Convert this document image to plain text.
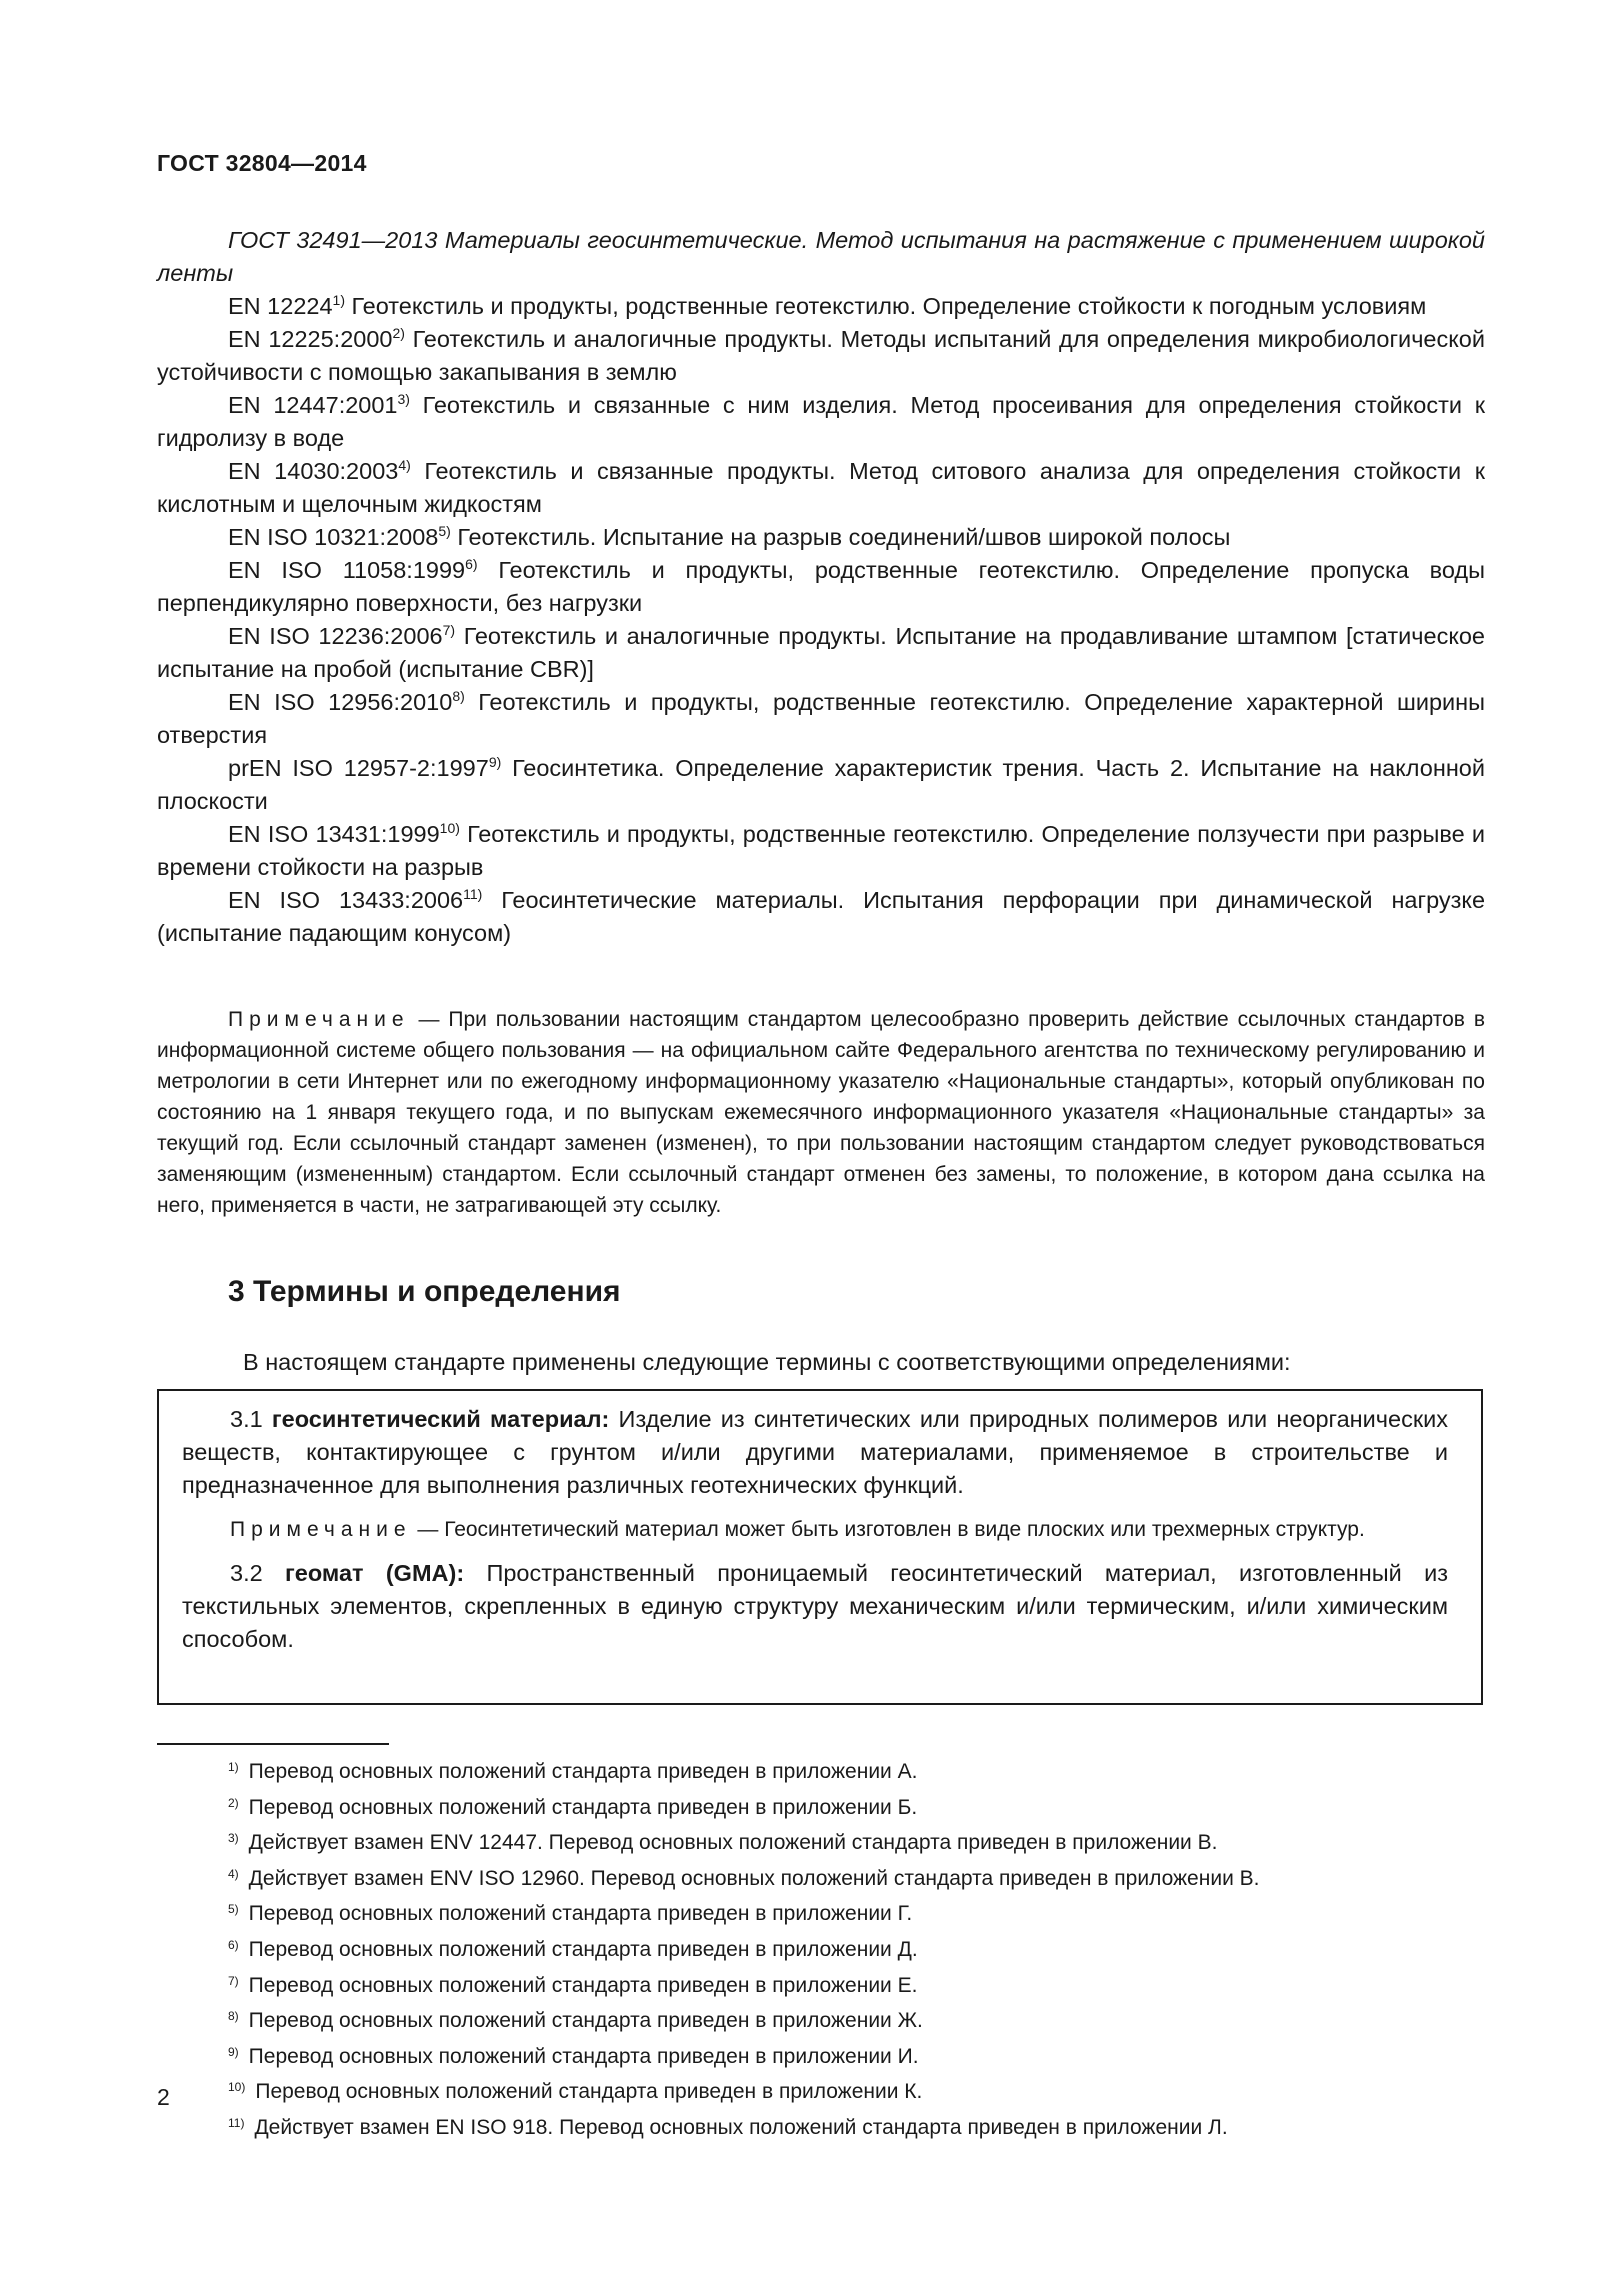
ГОСТ 32804—2014

ГОСТ 32491—2013 Материалы геосинтетические. Метод испытания на растяжение с применением широкой ленты

EN 12224$^{1)}$ Геотекстиль и продукты, родственные геотекстилю. Определение стойкости к погодным условиям

EN 12225:2000$^{2)}$ Геотекстиль и аналогичные продукты. Методы испытаний для определения микробиологической устойчивости с помощью закапывания в землю

EN 12447:2001$^{3)}$ Геотекстиль и связанные с ним изделия. Метод просеивания для определения стойкости к гидролизу в воде

EN 14030:2003$^{4)}$ Геотекстиль и связанные продукты. Метод ситового анализа для определения стойкости к кислотным и щелочным жидкостям

EN ISO 10321:2008$^{5)}$ Геотекстиль. Испытание на разрыв соединений/швов широкой полосы

EN ISO 11058:1999$^{6)}$ Геотекстиль и продукты, родственные геотекстилю. Определение пропуска воды перпендикулярно поверхности, без нагрузки

EN ISO 12236:2006$^{7)}$ Геотекстиль и аналогичные продукты. Испытание на продавливание штампом [статическое испытание на пробой (испытание CBR)]

EN ISO 12956:2010$^{8)}$ Геотекстиль и продукты, родственные геотекстилю. Определение характерной ширины отверстия

prEN ISO 12957-2:1997$^{9)}$ Геосинтетика. Определение характеристик трения. Часть 2. Испытание на наклонной плоскости

EN ISO 13431:1999$^{10)}$ Геотекстиль и продукты, родственные геотекстилю. Определение ползучести при разрыве и времени стойкости на разрыв

EN ISO 13433:2006$^{11)}$ Геосинтетические материалы. Испытания перфорации при динамической нагрузке (испытание падающим конусом)

Примечание — При пользовании настоящим стандартом целесообразно проверить действие ссылочных стандартов в информационной системе общего пользования — на официальном сайте Федерального агентства по техническому регулированию и метрологии в сети Интернет или по ежегодному информационному указателю «Национальные стандарты», который опубликован по состоянию на 1 января текущего года, и по выпускам ежемесячного информационного указателя «Национальные стандарты» за текущий год. Если ссылочный стандарт заменен (изменен), то при пользовании настоящим стандартом следует руководствоваться заменяющим (измененным) стандартом. Если ссылочный стандарт отменен без замены, то положение, в котором дана ссылка на него, применяется в части, не затрагивающей эту ссылку.

3 Термины и определения

В настоящем стандарте применены следующие термины с соответствующими определениями:

3.1 геосинтетический материал: Изделие из синтетических или природных полимеров или неорганических веществ, контактирующее с грунтом и/или другими материалами, применяемое в строительстве и предназначенное для выполнения различных геотехнических функций.

Примечание — Геосинтетический материал может быть изготовлен в виде плоских или трехмерных структур.

3.2 геомат (GMA): Пространственный проницаемый геосинтетический материал, изготовленный из текстильных элементов, скрепленных в единую структуру механическим и/или термическим, и/или химическим способом.

$^{1)}$ Перевод основных положений стандарта приведен в приложении А.

$^{2)}$ Перевод основных положений стандарта приведен в приложении Б.

$^{3)}$ Действует взамен ENV 12447. Перевод основных положений стандарта приведен в приложении В.

$^{4)}$ Действует взамен ENV ISO 12960. Перевод основных положений стандарта приведен в приложении В.

$^{5)}$ Перевод основных положений стандарта приведен в приложении Г.

$^{6)}$ Перевод основных положений стандарта приведен в приложении Д.

$^{7)}$ Перевод основных положений стандарта приведен в приложении Е.

$^{8)}$ Перевод основных положений стандарта приведен в приложении Ж.

$^{9)}$ Перевод основных положений стандарта приведен в приложении И.

$^{10)}$ Перевод основных положений стандарта приведен в приложении К.

$^{11)}$ Действует взамен EN ISO 918. Перевод основных положений стандарта приведен в приложении Л.

2
